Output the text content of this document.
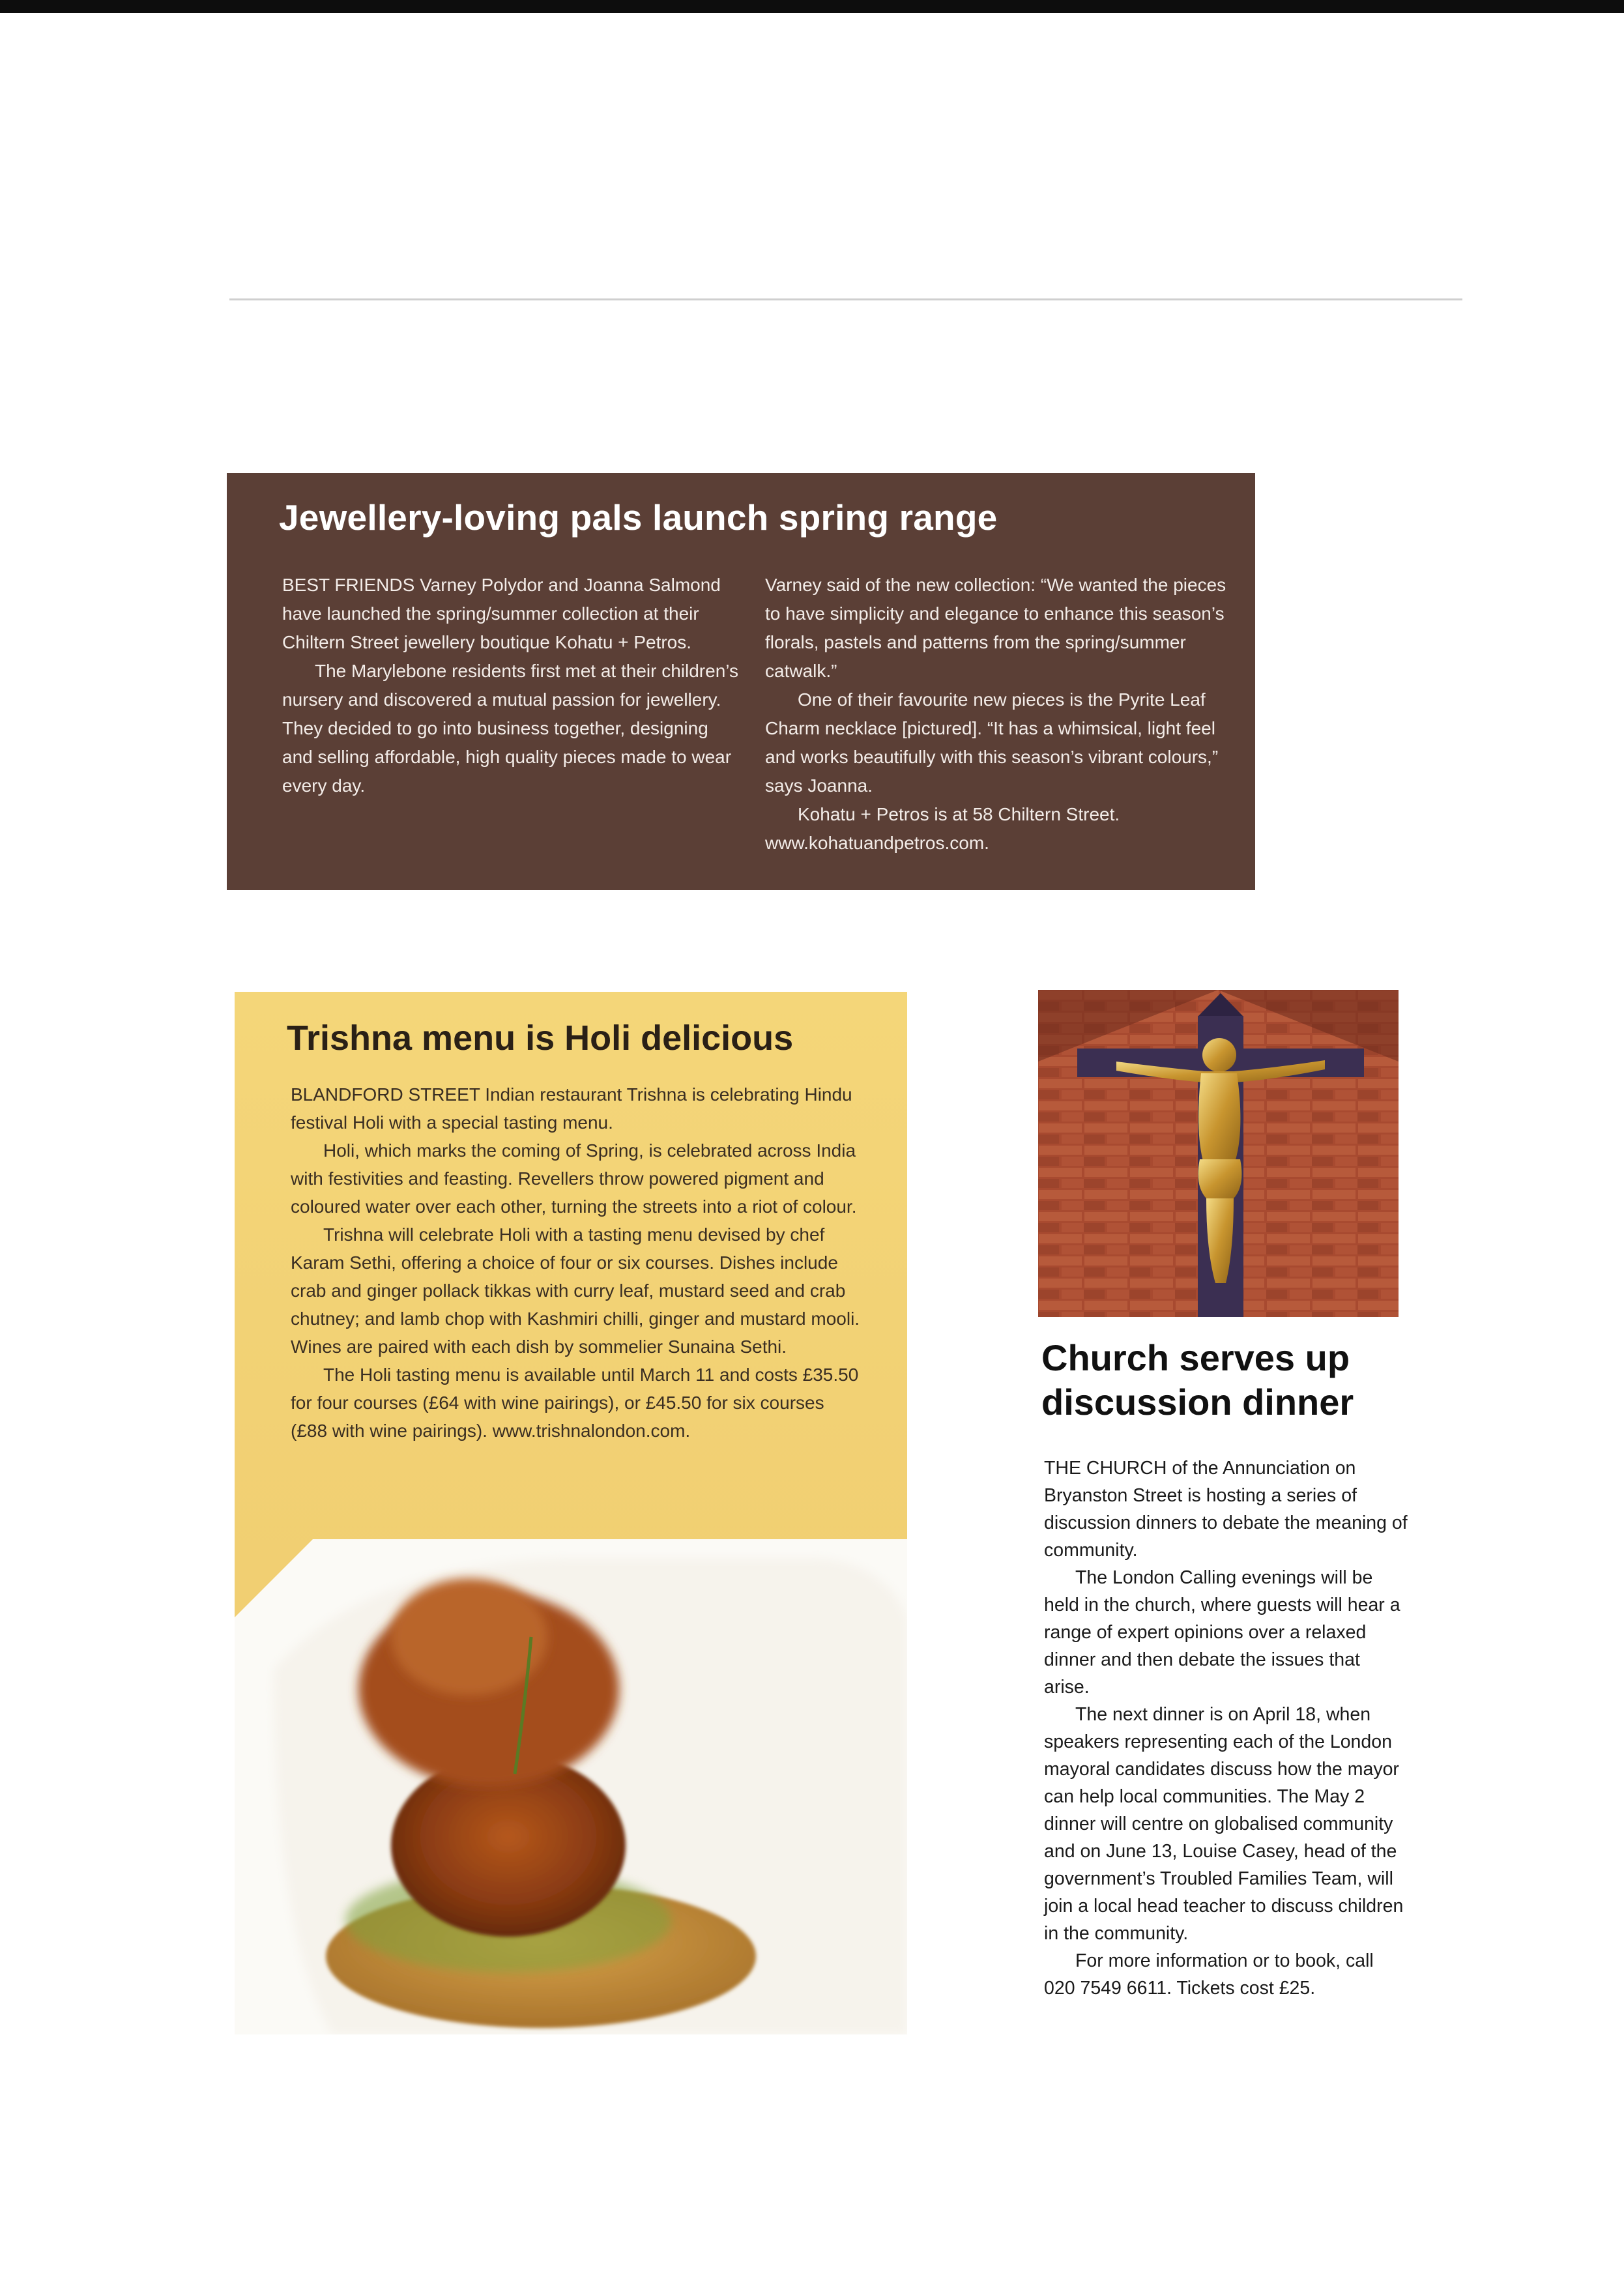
Jewellery-loving pals launch spring range

BEST FRIENDS Varney Polydor and Joanna Salmond have launched the spring/summer collection at their Chiltern Street jewellery boutique Kohatu + Petros.

The Marylebone residents first met at their children’s nursery and discovered a mutual passion for jewellery. They decided to go into business together, designing and selling affordable, high quality pieces made to wear every day.

Varney said of the new collection: “We wanted the pieces to have simplicity and elegance to enhance this season’s florals, pastels and patterns from the spring/summer catwalk.”

One of their favourite new pieces is the Pyrite Leaf Charm necklace [pictured]. “It has a whimsical, light feel and works beautifully with this season’s vibrant colours,” says Joanna.

Kohatu + Petros is at 58 Chiltern Street. www.kohatuandpetros.com.

Trishna menu is Holi delicious

BLANDFORD STREET Indian restaurant Trishna is celebrating Hindu festival Holi with a special tasting menu.

Holi, which marks the coming of Spring, is celebrated across India with festivities and feasting. Revellers throw powered pigment and coloured water over each other, turning the streets into a riot of colour.

Trishna will celebrate Holi with a tasting menu devised by chef Karam Sethi, offering a choice of four or six courses. Dishes include crab and ginger pollack tikkas with curry leaf, mustard seed and crab chutney; and lamb chop with Kashmiri chilli, ginger and mustard mooli. Wines are paired with each dish by sommelier Sunaina Sethi.

The Holi tasting menu is available until March 11 and costs £35.50 for four courses (£64 with wine pairings), or £45.50 for six courses (£88 with wine pairings). www.trishnalondon.com.

Church serves up
discussion dinner

THE CHURCH of the Annunciation on Bryanston Street is hosting a series of discussion dinners to debate the meaning of community.

The London Calling evenings will be held in the church, where guests will hear a range of expert opinions over a relaxed dinner and then debate the issues that arise.

The next dinner is on April 18, when speakers representing each of the London mayoral candidates discuss how the mayor can help local communities. The May 2 dinner will centre on globalised community and on June 13, Louise Casey, head of the government’s Troubled Families Team, will join a local head teacher to discuss children in the community.

For more information or to book, call 020 7549 6611. Tickets cost £25.
